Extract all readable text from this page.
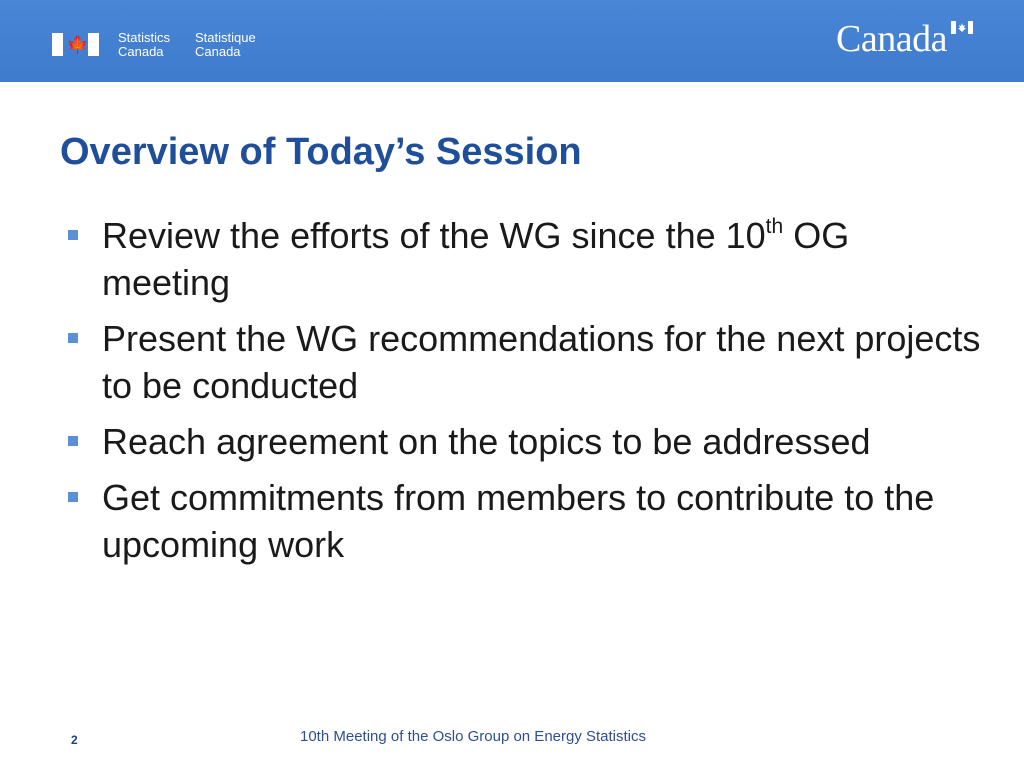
🍁 Statistics
Canada
Statistique
Canada	Canada
Overview of Today’s Session
Review the efforts of the WG since the 10th OG meeting
Present the WG recommendations for the next projects to be conducted
Reach agreement on the topics to be addressed
Get commitments from members to contribute to the upcoming work
2	10th Meeting of the Oslo Group on Energy Statistics
